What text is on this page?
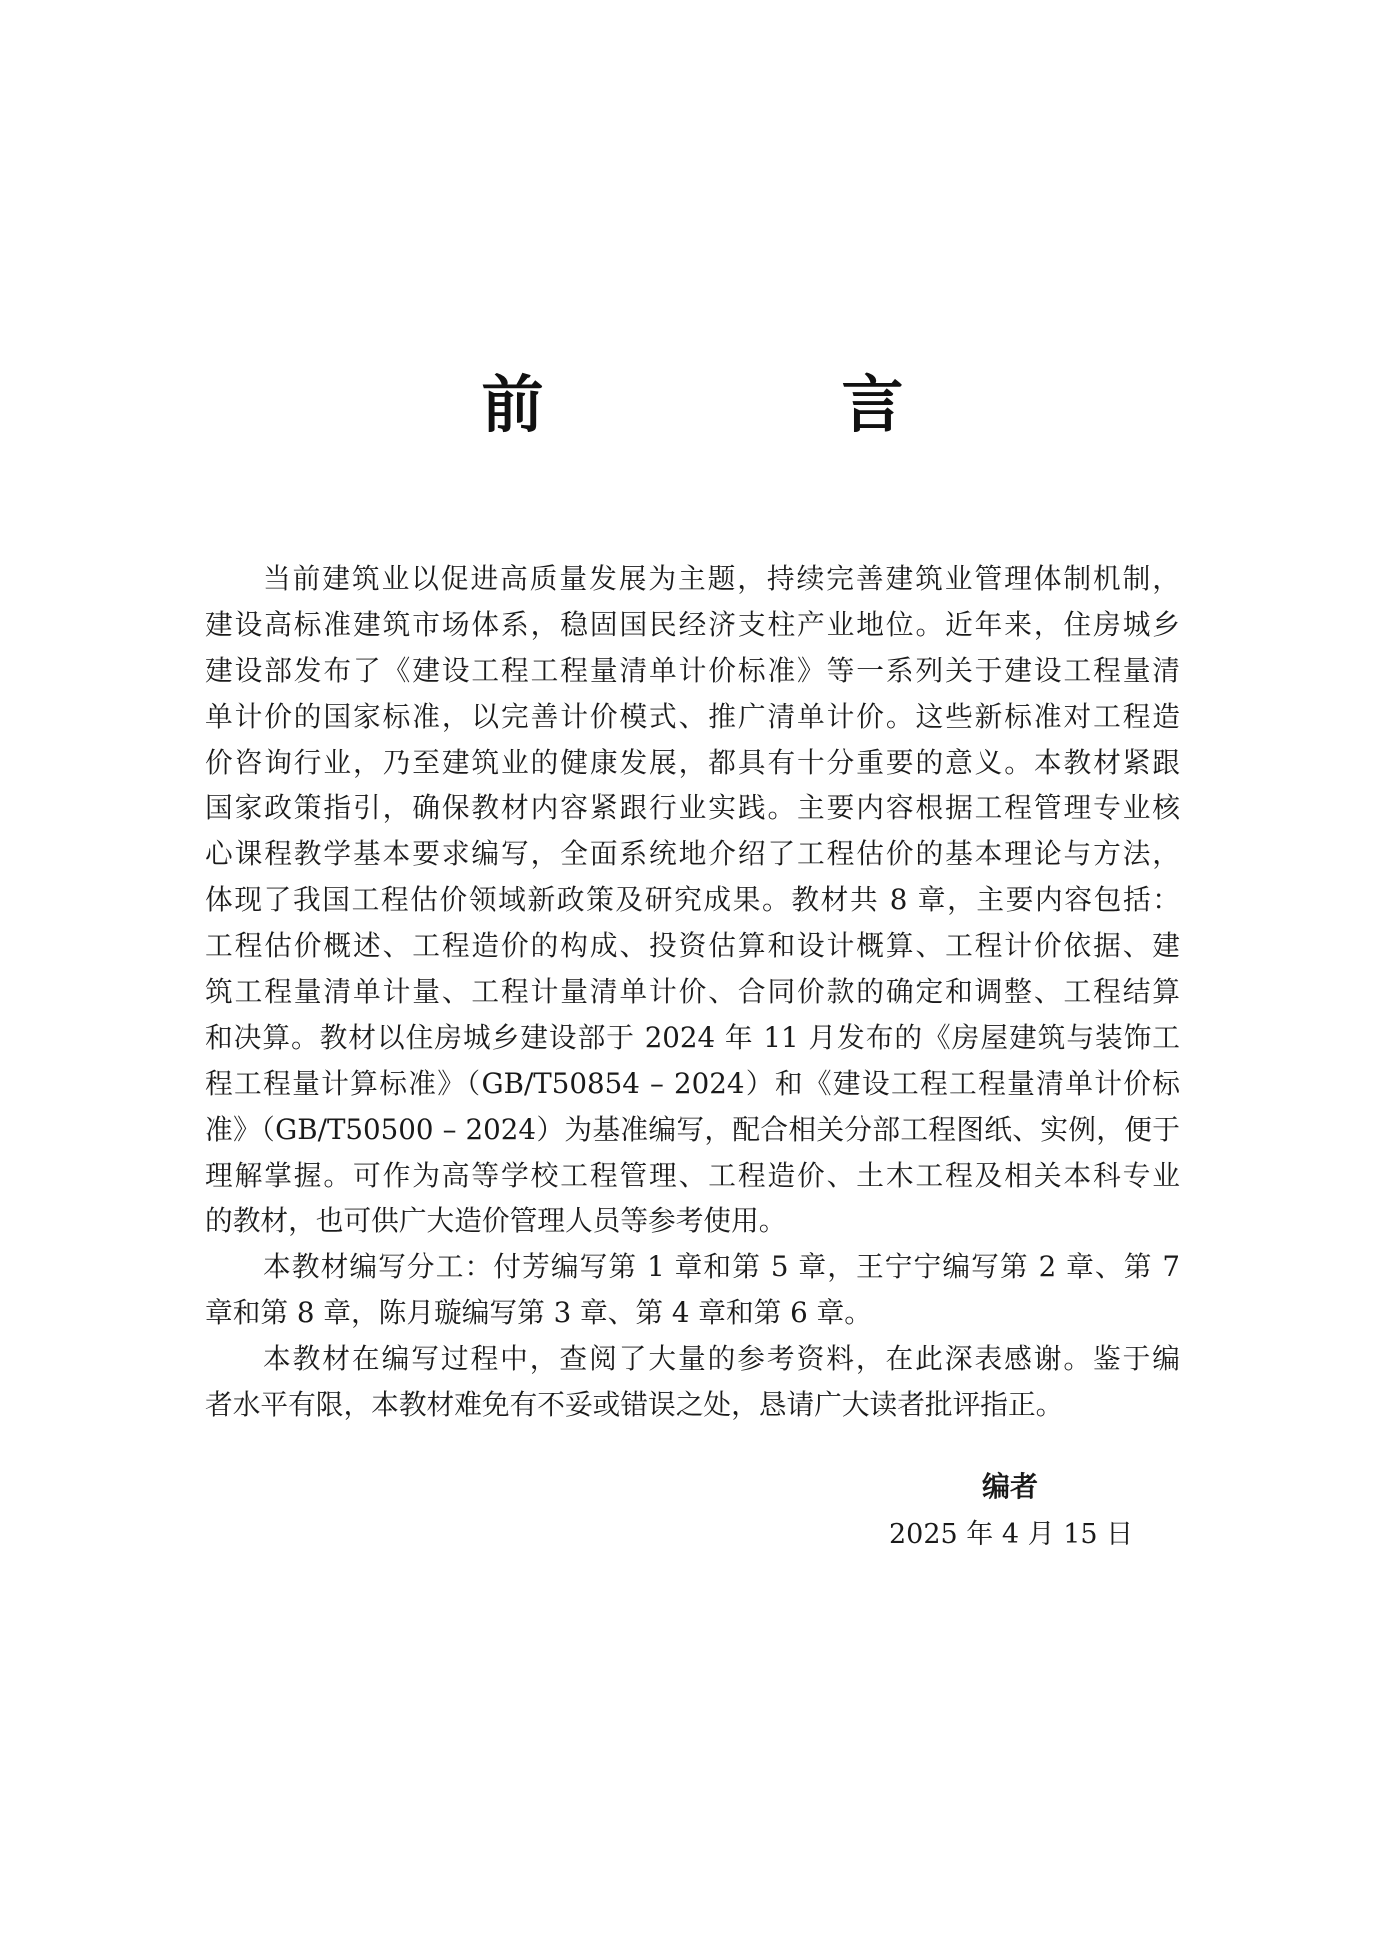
前　言
当前建筑业以促进高质量发展为主题，持续完善建筑业管理体制机制，
建设高标准建筑市场体系，稳固国民经济支柱产业地位。近年来，住房城乡
建设部发布了《建设工程工程量清单计价标准》等一系列关于建设工程量清
单计价的国家标准，以完善计价模式、推广清单计价。这些新标准对工程造
价咨询行业，乃至建筑业的健康发展，都具有十分重要的意义。本教材紧跟
国家政策指引，确保教材内容紧跟行业实践。主要内容根据工程管理专业核
心课程教学基本要求编写，全面系统地介绍了工程估价的基本理论与方法，
体现了我国工程估价领域新政策及研究成果。教材共 8 章，主要内容包括：
工程估价概述、工程造价的构成、投资估算和设计概算、工程计价依据、建
筑工程量清单计量、工程计量清单计价、合同价款的确定和调整、工程结算
和决算。教材以住房城乡建设部于 2024 年 11 月发布的《房屋建筑与装饰工
程工程量计算标准》（GB/T50854 – 2024）和《建设工程工程量清单计价标
准》（GB/T50500 – 2024）为基准编写，配合相关分部工程图纸、实例，便于
理解掌握。可作为高等学校工程管理、工程造价、土木工程及相关本科专业
的教材，也可供广大造价管理人员等参考使用。
本教材编写分工：付芳编写第 1 章和第 5 章，王宁宁编写第 2 章、第 7
章和第 8 章，陈月璇编写第 3 章、第 4 章和第 6 章。
本教材在编写过程中，查阅了大量的参考资料，在此深表感谢。鉴于编
者水平有限，本教材难免有不妥或错误之处，恳请广大读者批评指正。
编者
2025 年 4 月 15 日
